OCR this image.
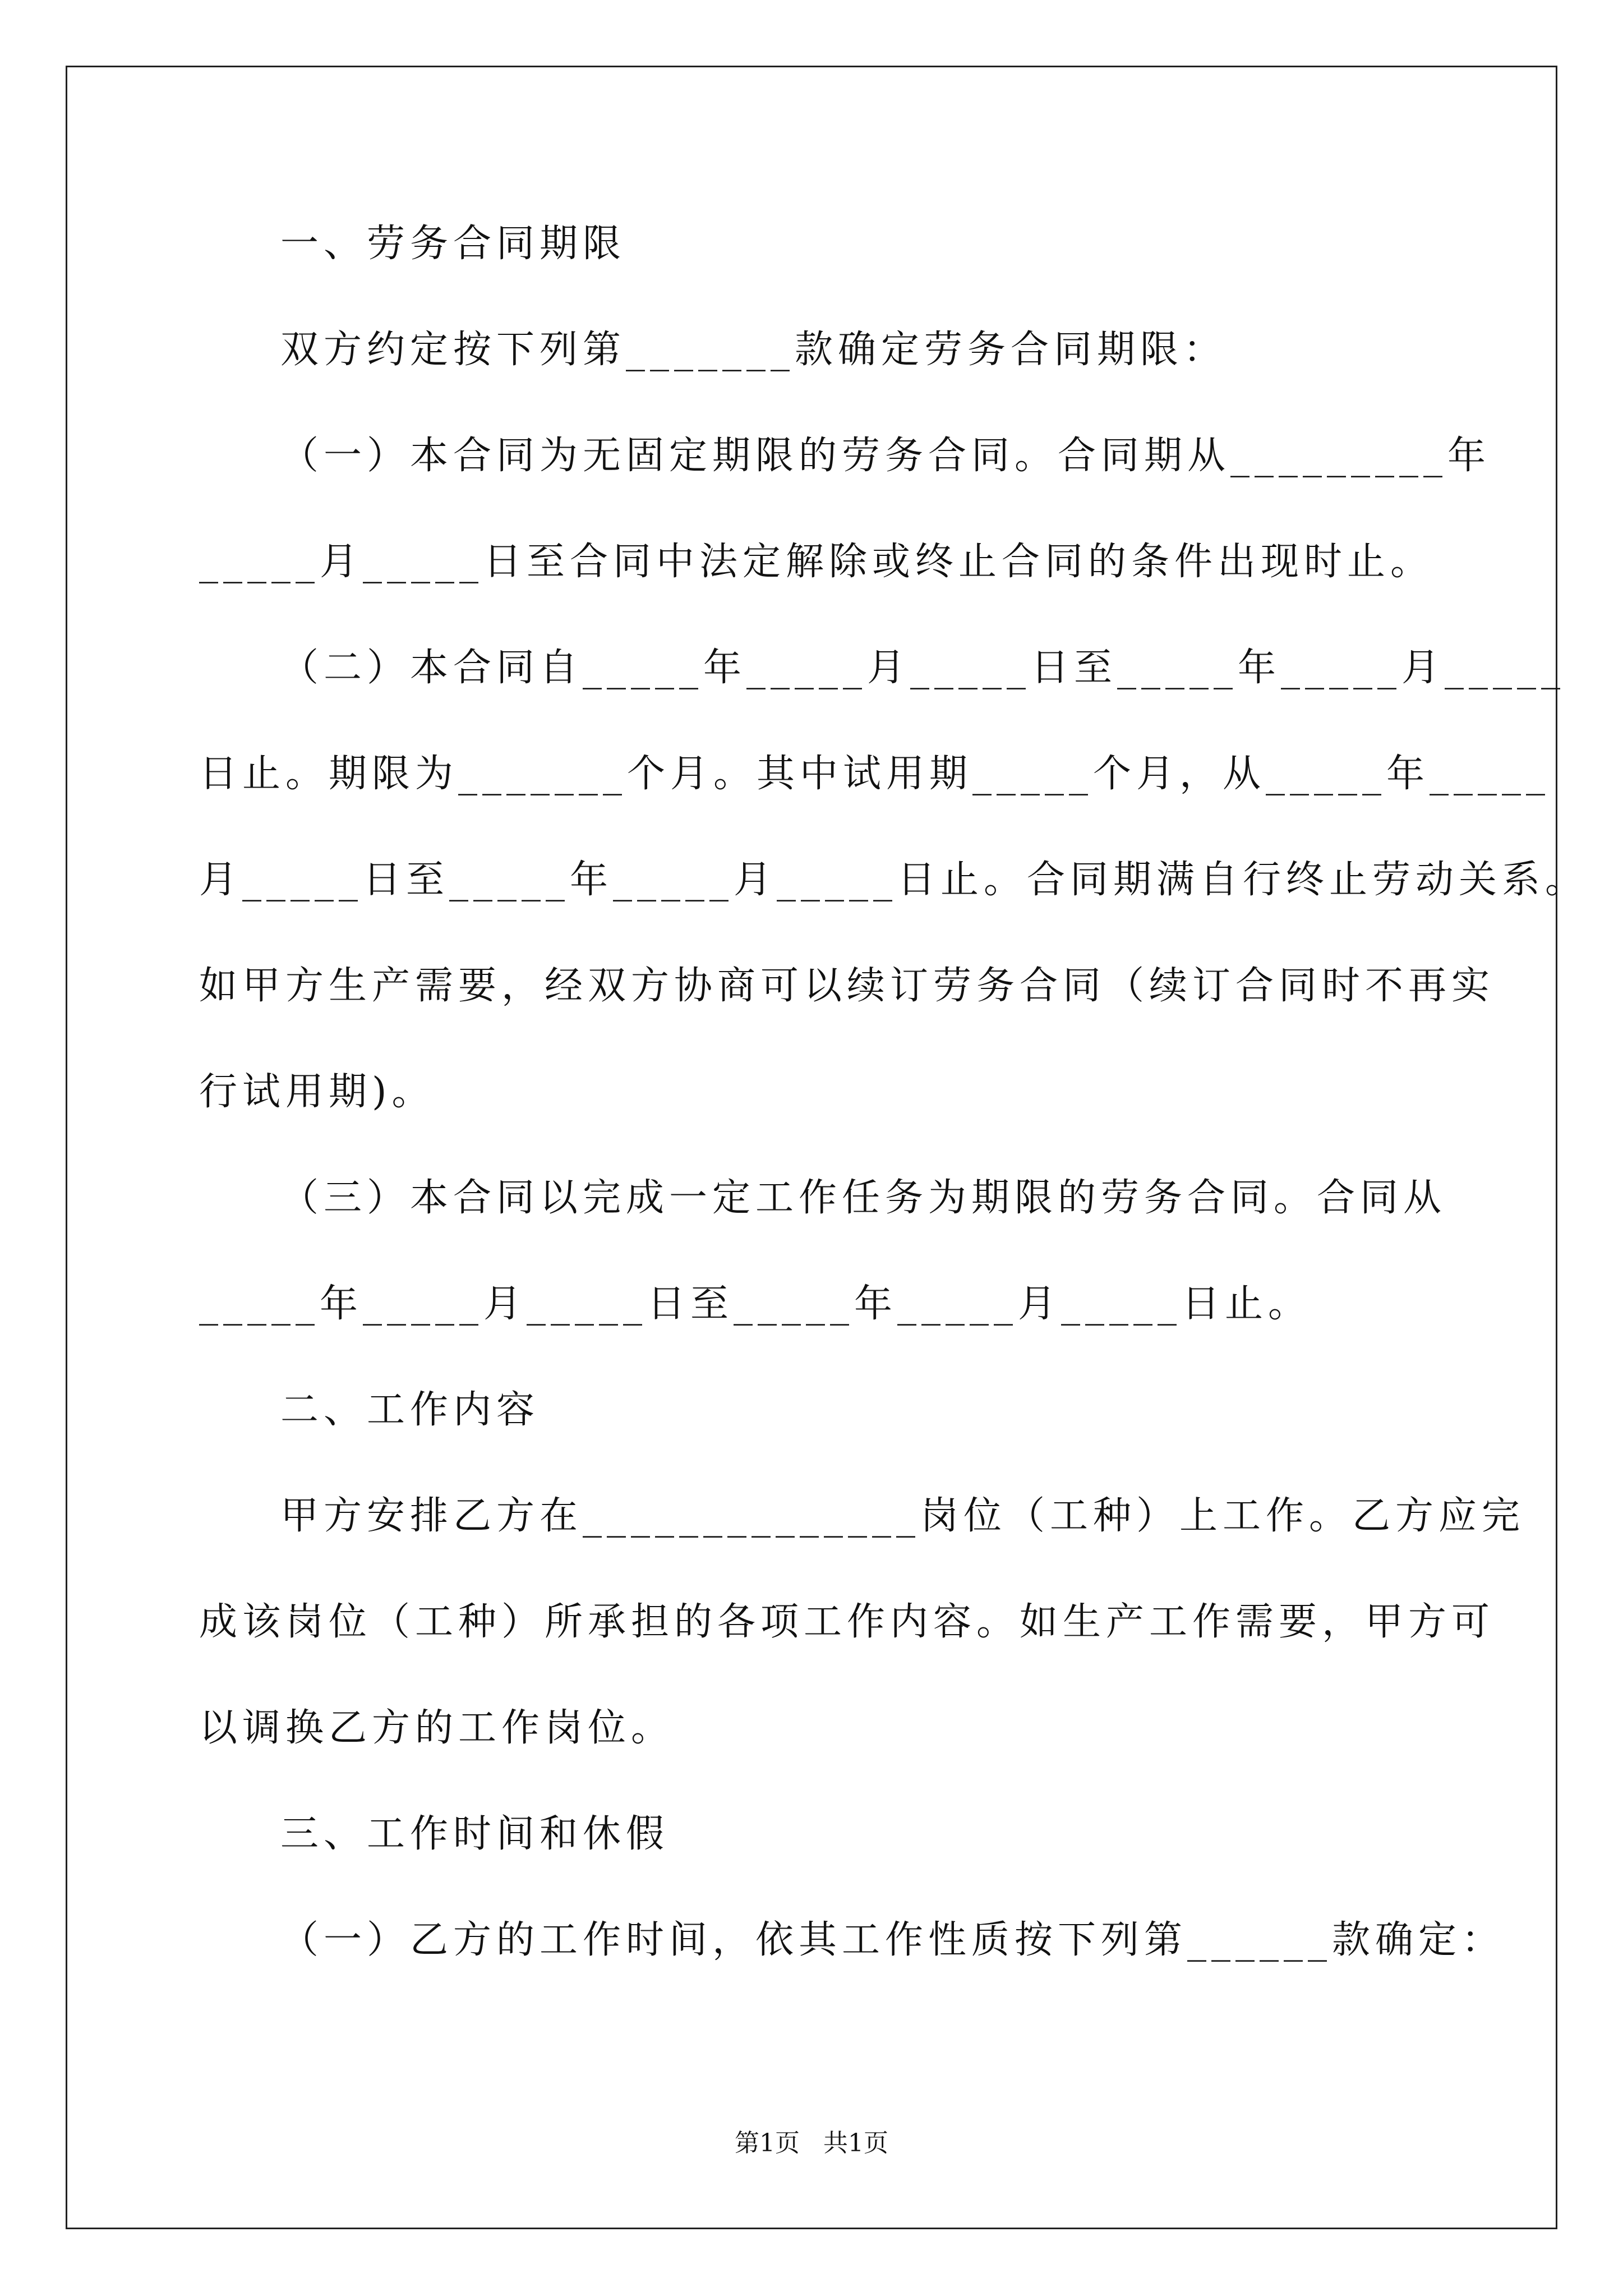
一、劳务合同期限
双方约定按下列第_______款确定劳务合同期限：
（一）本合同为无固定期限的劳务合同。合同期从_________年
_____月_____日至合同中法定解除或终止合同的条件出现时止。
（二）本合同自_____年_____月_____日至_____年_____月_____
日止。期限为_______个月。其中试用期_____个月，从_____年_____
月_____日至_____年_____月_____日止。合同期满自行终止劳动关系。
如甲方生产需要，经双方协商可以续订劳务合同（续订合同时不再实
行试用期)。
（三）本合同以完成一定工作任务为期限的劳务合同。合同从
_____年_____月_____日至_____年_____月_____日止。
二、工作内容
甲方安排乙方在______________岗位（工种）上工作。乙方应完
成该岗位（工种）所承担的各项工作内容。如生产工作需要，甲方可
以调换乙方的工作岗位。
三、工作时间和休假
（一）乙方的工作时间，依其工作性质按下列第______款确定：
第1页   共1页
